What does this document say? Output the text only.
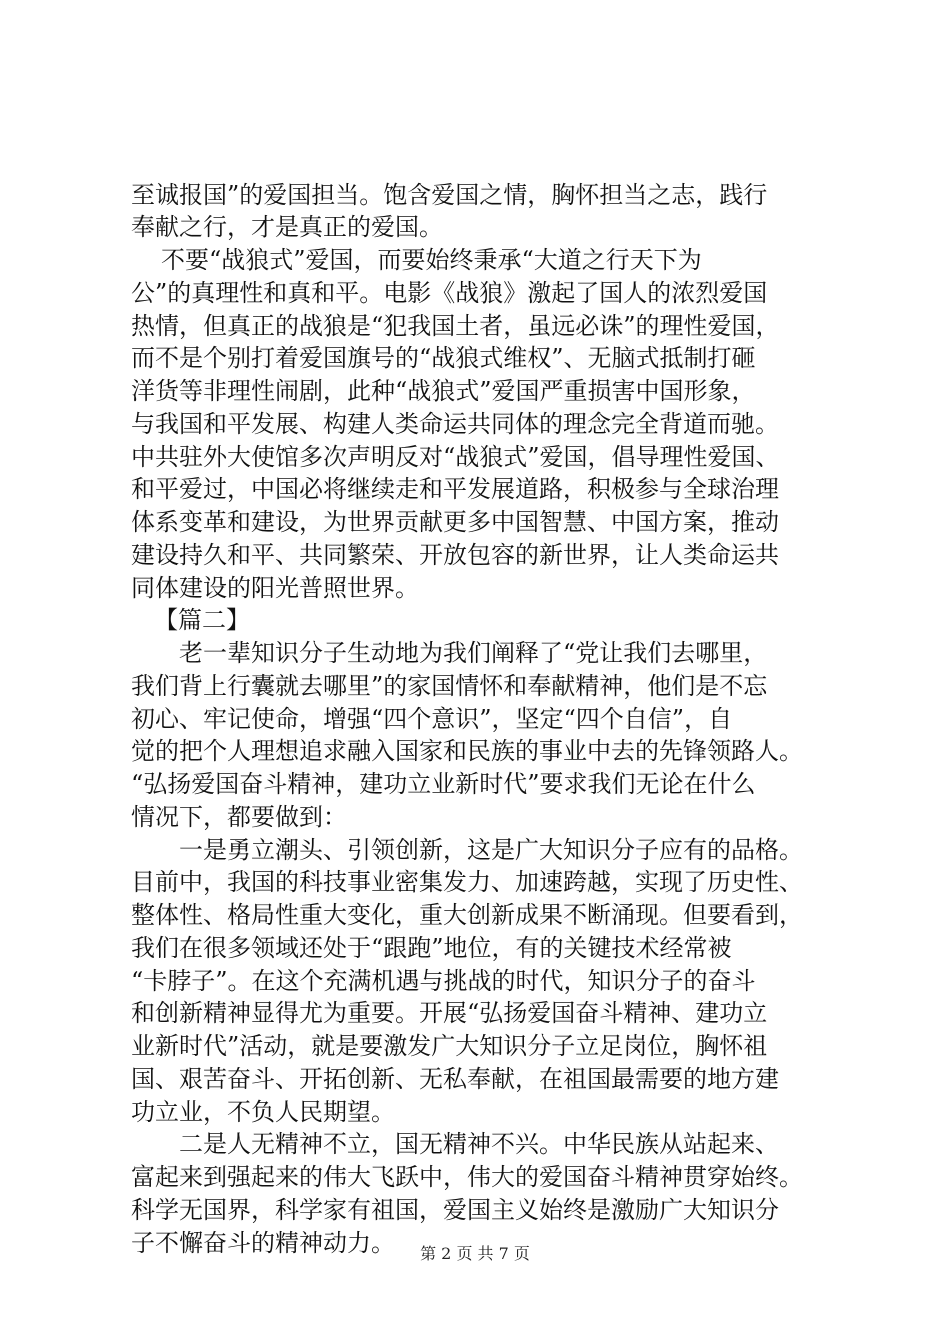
至诚报国”的爱国担当。饱含爱国之情，胸怀担当之志，践行
奉献之行，才是真正的爱国。
不要“战狼式”爱国，而要始终秉承“大道之行天下为
公”的真理性和真和平。电影《战狼》激起了国人的浓烈爱国
热情，但真正的战狼是“犯我国土者，虽远必诛”的理性爱国，
而不是个别打着爱国旗号的“战狼式维权”、无脑式抵制打砸
洋货等非理性闹剧，此种“战狼式”爱国严重损害中国形象，
与我国和平发展、构建人类命运共同体的理念完全背道而驰。
中共驻外大使馆多次声明反对“战狼式”爱国，倡导理性爱国、
和平爱过，中国必将继续走和平发展道路，积极参与全球治理
体系变革和建设，为世界贡献更多中国智慧、中国方案，推动
建设持久和平、共同繁荣、开放包容的新世界，让人类命运共
同体建设的阳光普照世界。
【篇二】
老一辈知识分子生动地为我们阐释了“党让我们去哪里，
我们背上行囊就去哪里”的家国情怀和奉献精神，他们是不忘
初心、牢记使命，增强“四个意识”，坚定“四个自信”，自
觉的把个人理想追求融入国家和民族的事业中去的先锋领路人。
“弘扬爱国奋斗精神，建功立业新时代”要求我们无论在什么
情况下，都要做到：
一是勇立潮头、引领创新，这是广大知识分子应有的品格。
目前中，我国的科技事业密集发力、加速跨越，实现了历史性、
整体性、格局性重大变化，重大创新成果不断涌现。但要看到，
我们在很多领域还处于“跟跑”地位，有的关键技术经常被
“卡脖子”。在这个充满机遇与挑战的时代，知识分子的奋斗
和创新精神显得尤为重要。开展“弘扬爱国奋斗精神、建功立
业新时代”活动，就是要激发广大知识分子立足岗位，胸怀祖
国、艰苦奋斗、开拓创新、无私奉献，在祖国最需要的地方建
功立业，不负人民期望。
二是人无精神不立，国无精神不兴。中华民族从站起来、
富起来到强起来的伟大飞跃中，伟大的爱国奋斗精神贯穿始终。
科学无国界，科学家有祖国，爱国主义始终是激励广大知识分
子不懈奋斗的精神动力。	第 2 页 共 7 页
